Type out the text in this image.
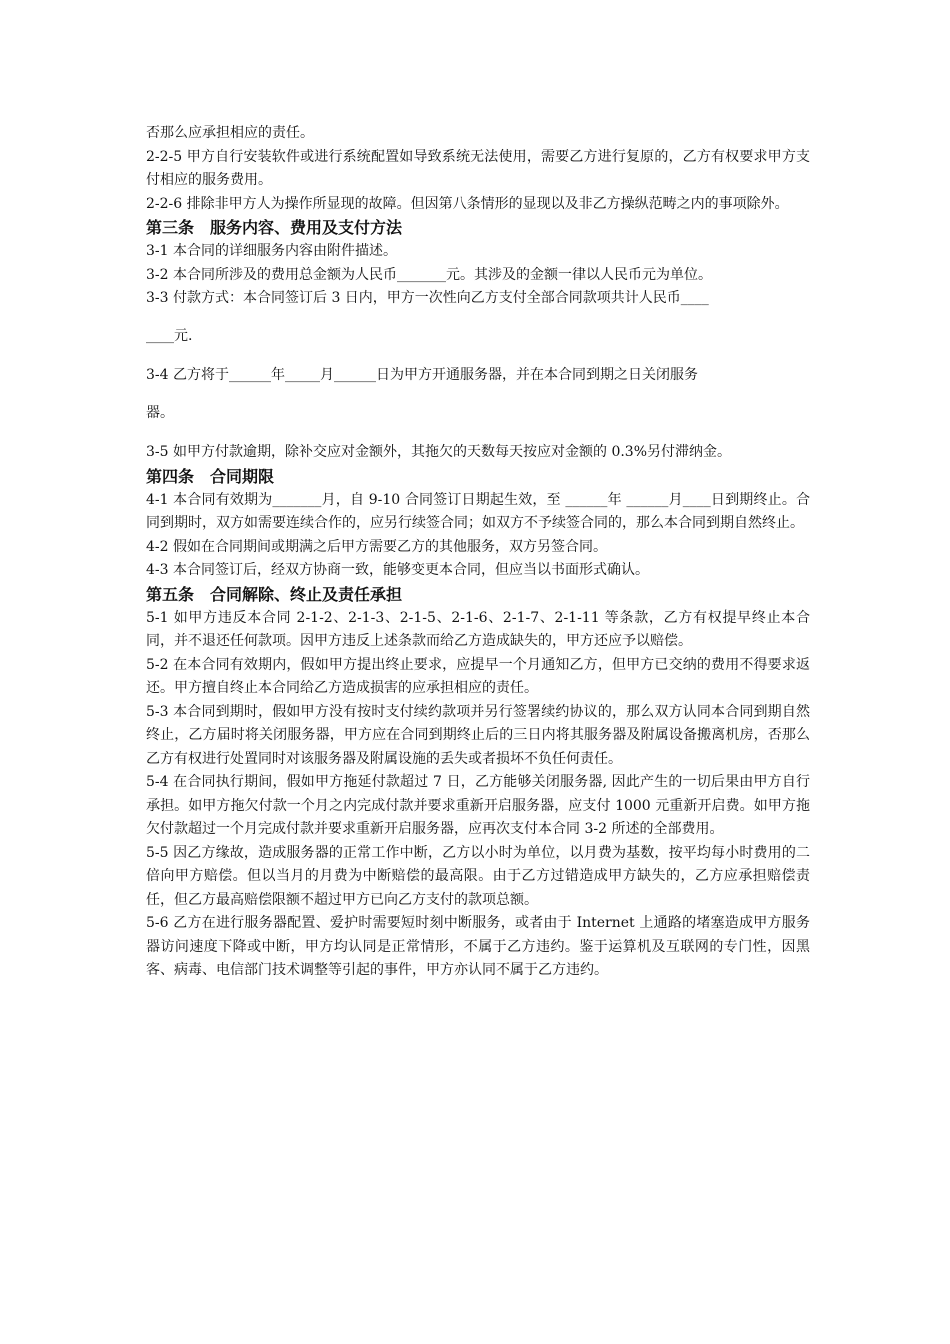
否那么应承担相应的责任。

2-2-5 甲方自行安装软件或进行系统配置如导致系统无法使用，需要乙方进行复原的，乙方有权要求甲方支付相应的服务费用。

2-2-6 排除非甲方人为操作所显现的故障。但因第八条情形的显现以及非乙方操纵范畴之内的事项除外。

第三条　服务内容、费用及支付方法

3-1 本合同的详细服务内容由附件描述。

3-2 本合同所涉及的费用总金额为人民币_______元。其涉及的金额一律以人民币元为单位。

3-3 付款方式：本合同签订后 3 日内，甲方一次性向乙方支付全部合同款项共计人民币____

____元.

3-4 乙方将于______年_____月______日为甲方开通服务器，并在本合同到期之日关闭服务

器。

3-5 如甲方付款逾期，除补交应对金额外，其拖欠的天数每天按应对金额的 0.3%另付滞纳金。

第四条　合同期限

4-1 本合同有效期为_______月，自 9-10 合同签订日期起生效，至 ______年 ______月____日到期终止。合同到期时，双方如需要连续合作的，应另行续签合同；如双方不予续签合同的，那么本合同到期自然终止。

4-2 假如在合同期间或期满之后甲方需要乙方的其他服务，双方另签合同。

4-3 本合同签订后，经双方协商一致，能够变更本合同，但应当以书面形式确认。

第五条　合同解除、终止及责任承担

5-1 如甲方违反本合同 2-1-2、2-1-3、2-1-5、2-1-6、2-1-7、2-1-11 等条款，乙方有权提早终止本合同，并不退还任何款项。因甲方违反上述条款而给乙方造成缺失的，甲方还应予以赔偿。

5-2 在本合同有效期内，假如甲方提出终止要求，应提早一个月通知乙方，但甲方已交纳的费用不得要求返还。甲方擅自终止本合同给乙方造成损害的应承担相应的责任。

5-3 本合同到期时，假如甲方没有按时支付续约款项并另行签署续约协议的，那么双方认同本合同到期自然终止，乙方届时将关闭服务器，甲方应在合同到期终止后的三日内将其服务器及附属设备搬离机房，否那么乙方有权进行处置同时对该服务器及附属设施的丢失或者损坏不负任何责任。

5-4 在合同执行期间，假如甲方拖延付款超过 7 日，乙方能够关闭服务器, 因此产生的一切后果由甲方自行承担。如甲方拖欠付款一个月之内完成付款并要求重新开启服务器，应支付 1000 元重新开启费。如甲方拖欠付款超过一个月完成付款并要求重新开启服务器，应再次支付本合同 3-2 所述的全部费用。

5-5 因乙方缘故，造成服务器的正常工作中断，乙方以小时为单位，以月费为基数，按平均每小时费用的二倍向甲方赔偿。但以当月的月费为中断赔偿的最高限。由于乙方过错造成甲方缺失的，乙方应承担赔偿责任，但乙方最高赔偿限额不超过甲方已向乙方支付的款项总额。

5-6 乙方在进行服务器配置、爱护时需要短时刻中断服务，或者由于 Internet 上通路的堵塞造成甲方服务器访问速度下降或中断，甲方均认同是正常情形，不属于乙方违约。鉴于运算机及互联网的专门性，因黑客、病毒、电信部门技术调整等引起的事件，甲方亦认同不属于乙方违约。
